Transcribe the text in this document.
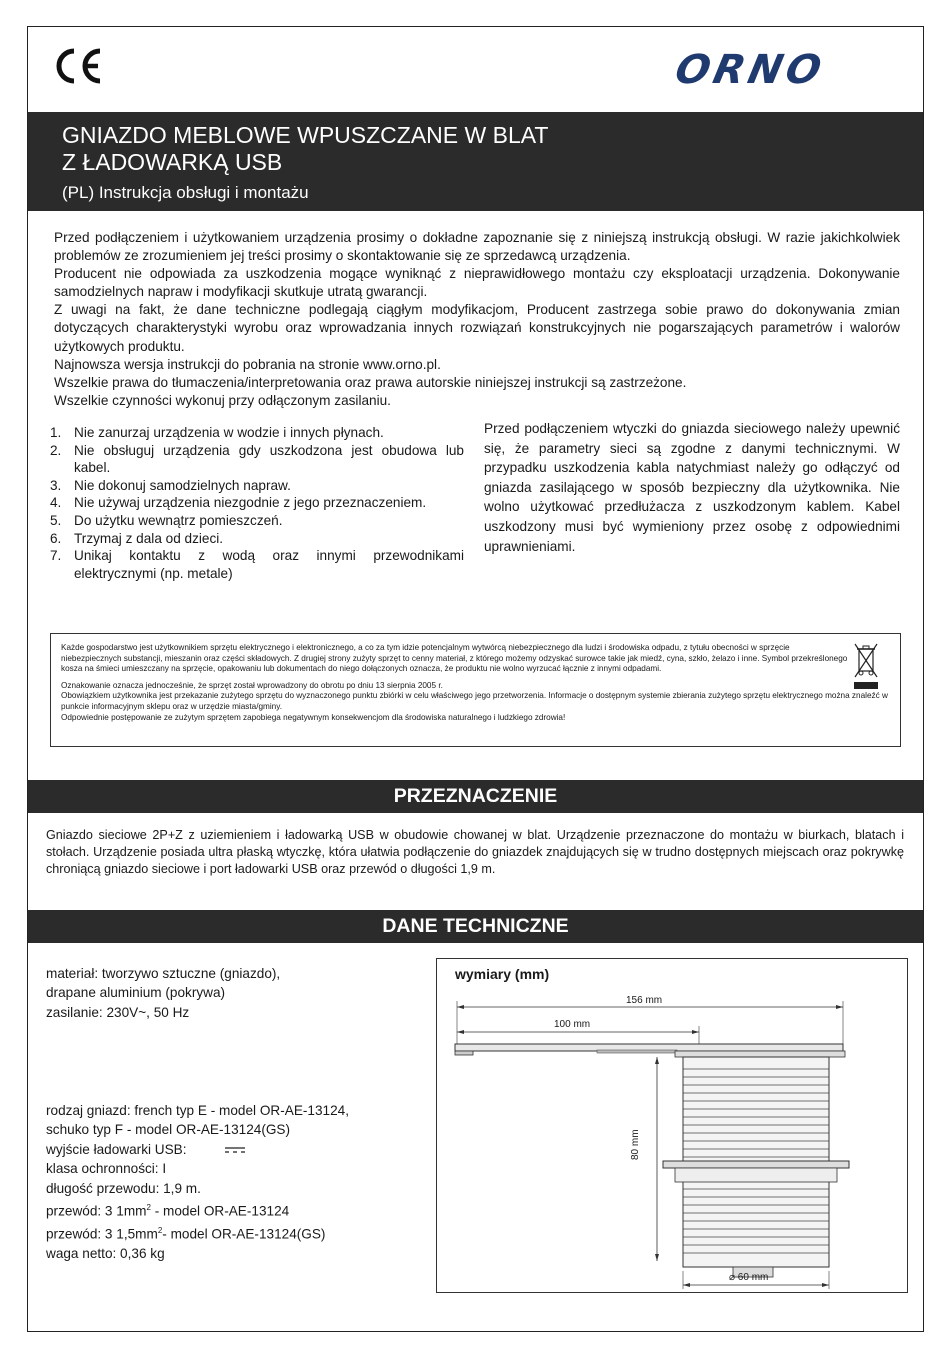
ORNO
GNIAZDO MEBLOWE WPUSZCZANE W BLAT
Z ŁADOWARKĄ USB
(PL) Instrukcja obsługi i montażu

Przed podłączeniem i użytkowaniem urządzenia prosimy o dokładne zapoznanie się z niniejszą instrukcją obsługi. W razie jakichkolwiek problemów ze zrozumieniem jej treści prosimy o skontaktowanie się ze sprzedawcą urządzenia.

Producent nie odpowiada za uszkodzenia mogące wyniknąć z nieprawidłowego montażu czy eksploatacji urządzenia. Dokonywanie samodzielnych napraw i modyfikacji skutkuje utratą gwarancji.

Z uwagi na fakt, że dane techniczne podlegają ciągłym modyfikacjom, Producent zastrzega sobie prawo do dokonywania zmian dotyczących charakterystyki wyrobu oraz wprowadzania innych rozwiązań konstrukcyjnych nie pogarszających parametrów i walorów użytkowych produktu.

Najnowsza wersja instrukcji do pobrania na stronie www.orno.pl.

Wszelkie prawa do tłumaczenia/interpretowania oraz prawa autorskie niniejszej instrukcji są zastrzeżone.

Wszelkie czynności wykonuj przy odłączonym zasilaniu.

1. Nie zanurzaj urządzenia w wodzie i innych płynach.
2. Nie obsługuj urządzenia gdy uszkodzona jest obudowa lub kabel.
3. Nie dokonuj samodzielnych napraw.
4. Nie używaj urządzenia niezgodnie z jego przeznaczeniem.
5. Do użytku wewnątrz pomieszczeń.
6. Trzymaj z dala od dzieci.
7. Unikaj kontaktu z wodą oraz innymi przewodnikami elektrycznymi (np. metale)
Przed podłączeniem wtyczki do gniazda sieciowego należy upewnić się, że parametry sieci są zgodne z danymi technicznymi. W przypadku uszkodzenia kabla natychmiast należy go odłączyć od gniazda zasilającego w sposób bezpieczny dla użytkownika. Nie wolno użytkować przedłużacza z uszkodzonym kablem. Kabel uszkodzony musi być wymieniony przez osobę z odpowiednimi uprawnieniami.

Każde gospodarstwo jest użytkownikiem sprzętu elektrycznego i elektronicznego, a co za tym idzie potencjalnym wytwórcą niebezpiecznego dla ludzi i środowiska odpadu, z tytułu obecności w sprzęcie niebezpiecznych substancji, mieszanin oraz części składowych. Z drugiej strony zużyty sprzęt to cenny materiał, z którego możemy odzyskać surowce takie jak miedź, cyna, szkło, żelazo i inne. Symbol przekreślonego kosza na śmieci umieszczany na sprzęcie, opakowaniu lub dokumentach do niego dołączonych oznacza, że produktu nie wolno wyrzucać łącznie z innymi odpadami.

Oznakowanie oznacza jednocześnie, że sprzęt został wprowadzony do obrotu po dniu 13 sierpnia 2005 r.

Obowiązkiem użytkownika jest przekazanie zużytego sprzętu do wyznaczonego punktu zbiórki w celu właściwego jego przetworzenia. Informacje o dostępnym systemie zbierania zużytego sprzętu elektrycznego można znaleźć w punkcie informacyjnym sklepu oraz w urzędzie miasta/gminy.

Odpowiednie postępowanie ze zużytym sprzętem zapobiega negatywnym konsekwencjom dla środowiska naturalnego i ludzkiego zdrowia!

PRZEZNACZENIE
Gniazdo sieciowe 2P+Z z uziemieniem i ładowarką USB w obudowie chowanej w blat. Urządzenie przeznaczone do montażu w biurkach, blatach i stołach. Urządzenie posiada ultra płaską wtyczkę, która ułatwia podłączenie do gniazdek znajdujących się w trudno dostępnych miejscach oraz pokrywkę chroniącą gniazdo sieciowe i port ładowarki USB oraz przewód o długości 1,9 m.
DANE TECHNICZNE

materiał: tworzywo sztuczne (gniazdo),

drapane aluminium (pokrywa)

zasilanie: 230V~, 50 Hz

rodzaj gniazd: french typ E - model OR-AE-13124,

schuko typ F - model OR-AE-13124(GS)

wyjście ładowarki USB:

klasa ochronności: I

długość przewodu: 1,9 m.

przewód: 3 $1mm^2$ - model OR-AE-13124

przewód: 3 $1,5mm^2-$ model OR-AE-13124(GS)

waga netto: 0,36 kg

wymiary (mm)
156 mm
100 mm
80 mm
⌀ 60 mm
